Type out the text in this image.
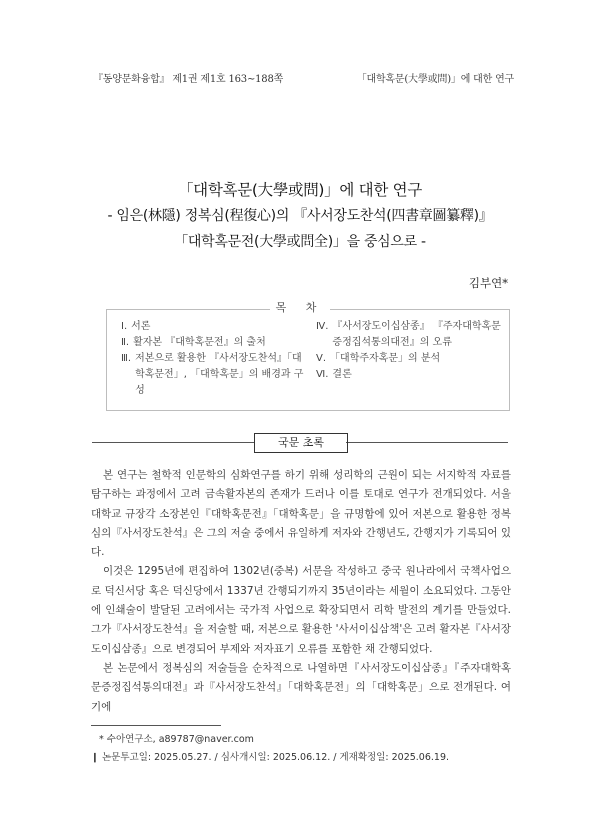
『동양문화융합』 제1권 제1호 163∼188쪽	「대학혹문(大學或問)」에 대한 연구
「대학혹문(大學或問)」에 대한 연구
- 임은(林隱) 정복심(程復心)의 『사서장도찬석(四書章圖纂釋)』
「대학혹문전(大學或問全)」을 중심으로 -
김부연*
목 차
Ⅰ. 서론
Ⅱ. 활자본 『대학혹문전』의 출처
Ⅲ. 저본으로 활용한 『사서장도찬석』「대학혹문전」, 「대학혹문」의 배경과 구성
Ⅳ. 『사서장도이십삼종』 『주자대학혹문증정집석통의대전』의 오류
Ⅴ. 「대학주자혹문」의 분석
Ⅵ. 결론
국문 초록

본 연구는 철학적 인문학의 심화연구를 하기 위해 성리학의 근원이 되는 서지학적 자료를 탐구하는 과정에서 고려 금속활자본의 존재가 드러나 이를 토대로 연구가 전개되었다. 서울대학교 규장각 소장본인『대학혹문전』「대학혹문」을 규명함에 있어 저본으로 활용한 정복심의『사서장도찬석』은 그의 저술 중에서 유일하게 저자와 간행년도, 간행지가 기록되어 있다.

이것은 1295년에 편집하여 1302년(중복) 서문을 작성하고 중국 원나라에서 국책사업으로 덕신서당 혹은 덕신당에서 1337년 간행되기까지 35년이라는 세월이 소요되었다. 그동안에 인쇄술이 발달된 고려에서는 국가적 사업으로 확장되면서 리학 발전의 계기를 만들었다. 그가『사서장도찬석』을 저술할 때, 저본으로 활용한 '사서이십삼책'은 고려 활자본『사서장도이십삼종』으로 변경되어 부제와 저자표기 오류를 포함한 채 간행되었다.

본 논문에서 정복심의 저술들을 순차적으로 나열하면『사서장도이십삼종』『주자대학혹문증정집석통의대전』과『사서장도찬석』「대학혹문전」의「대학혹문」으로 전개된다. 여기에

* 수아연구소, a89787@naver.com
❙ 논문투고일: 2025.05.27. / 심사개시일: 2025.06.12. / 게재확정일: 2025.06.19.
